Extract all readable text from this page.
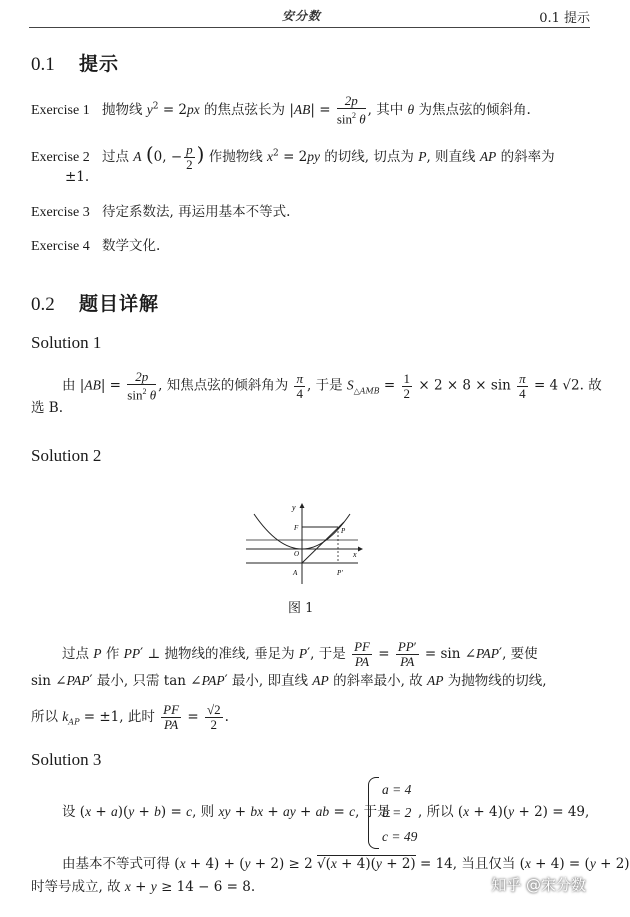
安分数	0.1 提示
0.1 提示
Exercise 1 抛物线 $y^2 = 2px$ 的焦点弦长为 $|AB| = \frac{2p}{\sin^2 \theta}$ , 其中 θ 为焦点弦的倾斜角.
Exercise 2 过点 A (0, − $\frac{p}{2}$ ) 作抛物线 $x^2 = 2py$ 的切线, 切点为 P, 则直线 AP 的斜率为
±1.
Exercise 3 待定系数法, 再运用基本不等式.
Exercise 4 数学文化.
0.2 题目详解
Solution 1
由 $|AB| = \frac{2p}{\sin^2 \theta}$ , 知焦点弦的倾斜角为 $\frac{\pi}{4}$ , 于是 $S_{\triangle AMB} = \frac{1}{2} \times 2 \times 8 \times \sin \frac{\pi}{4} = 4$ √2. 故
选 B.
Solution 2
y
x
F	P
O
A	P′
图 1
过点 P 作 PP′ ⊥ 抛物线的准线, 垂足为 P′, 于是 $\frac{PF}{PA} = \frac{PP'}{PA} = \sin$ ∠PAP′, 要使
sin ∠PAP′ 最小, 只需 tan ∠PAP′ 最小, 即直线 AP 的斜率最小, 故 AP 为抛物线的切线,
所以 $k_{AP} = \pm 1$, 此时 $\frac{PF}{PA} = \frac{√2}{2}$ .
Solution 3
设 (x + a)(y + b) = c, 则 xy + bx + ay + ab = c, 于是
a = 4
b = 2
c = 49
, 所以 (x + 4)(y + 2) = 49,
由基本不等式可得 (x + 4) + (y + 2) ≥ 2 √(x + 4)(y + 2) = 14, 当且仅当 (x + 4) = (y + 2)
时等号成立, 故 x + y ≥ 14 − 6 = 8.	知乎 @宋分数
